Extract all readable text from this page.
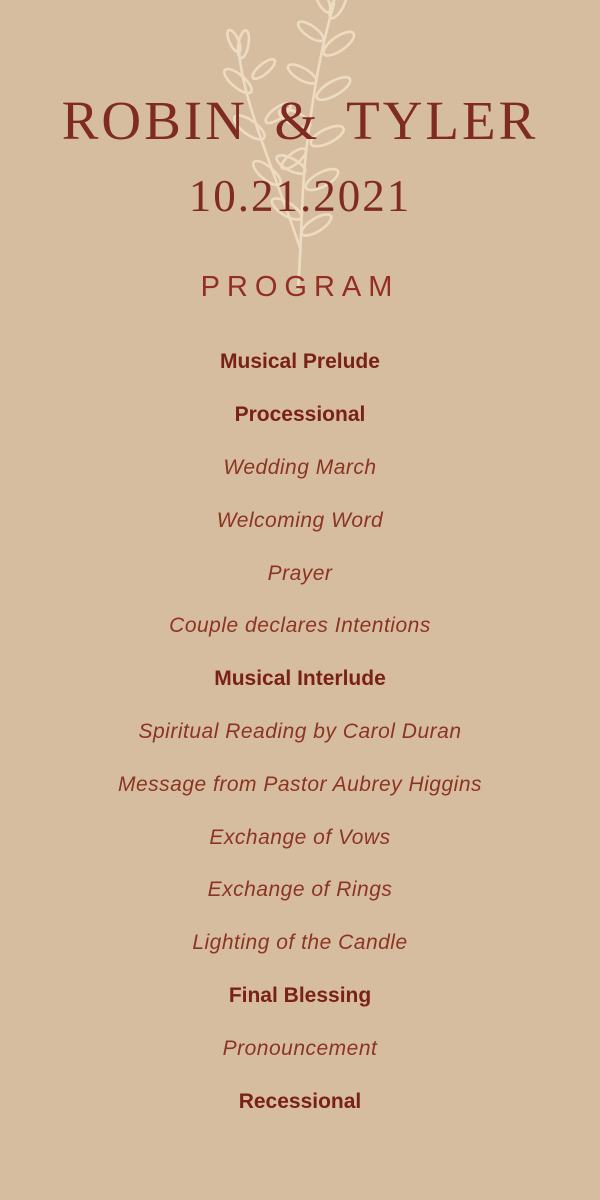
ROBIN & TYLER
10.21.2021
PROGRAM
Musical Prelude
Processional
Wedding March
Welcoming Word
Prayer
Couple declares Intentions
Musical Interlude
Spiritual Reading by Carol Duran
Message from Pastor Aubrey Higgins
Exchange of Vows
Exchange of Rings
Lighting of the Candle
Final Blessing
Pronouncement
Recessional
